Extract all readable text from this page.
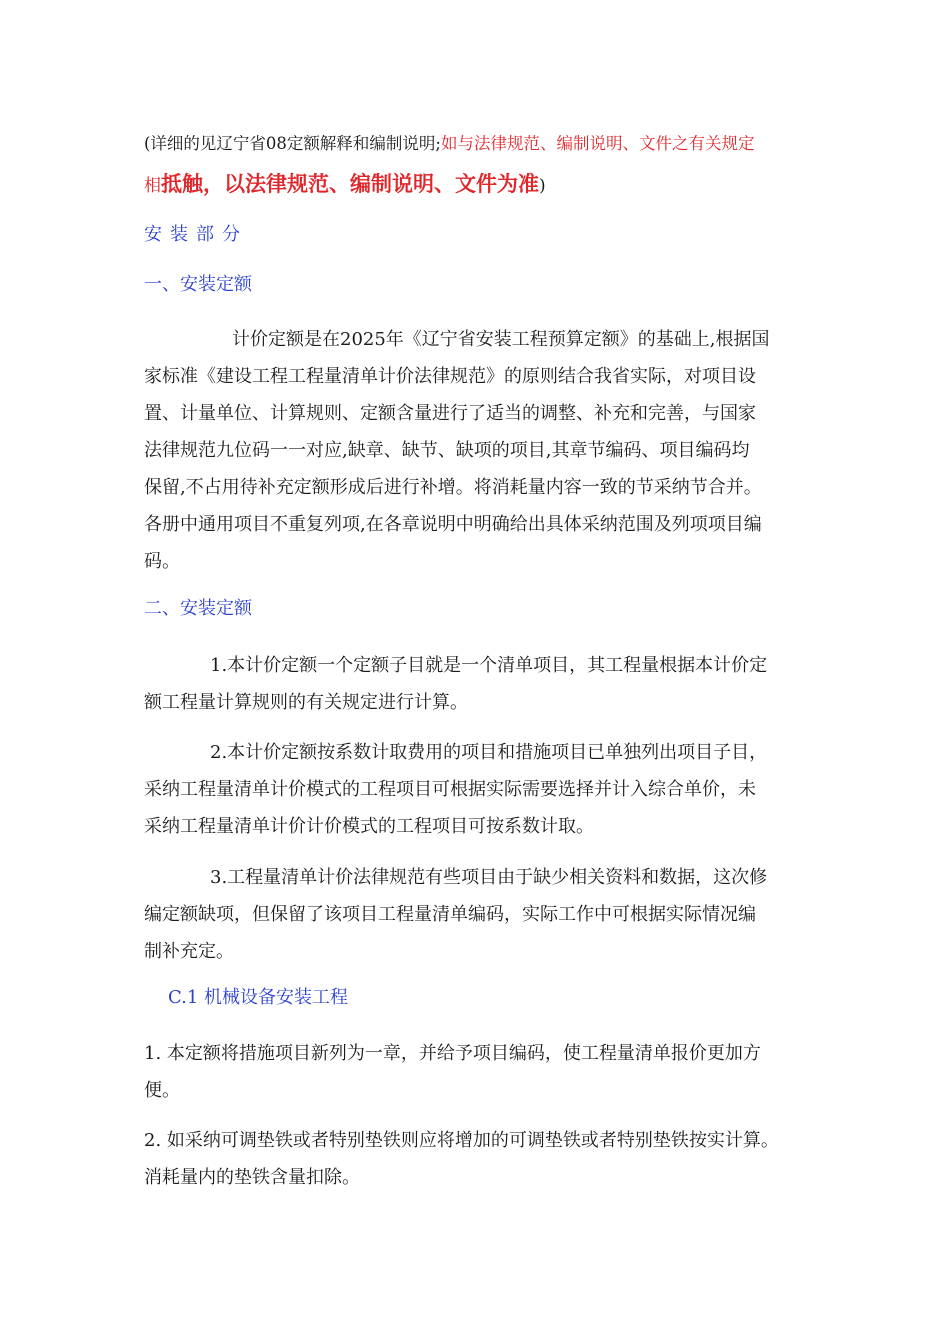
(详细的见辽宁省08定额解释和编制说明;如与法律规范、编制说明、文件之有关规定
相抵触，以法律规范、编制说明、文件为准)
安装部分
一、安装定额
计价定额是在2025年《辽宁省安装工程预算定额》的基础上,根据国
家标准《建设工程工程量清单计价法律规范》的原则结合我省实际，对项目设
置、计量单位、计算规则、定额含量进行了适当的调整、补充和完善，与国家
法律规范九位码一一对应,缺章、缺节、缺项的项目,其章节编码、项目编码均
保留,不占用待补充定额形成后进行补增。将消耗量内容一致的节采纳节合并。
各册中通用项目不重复列项,在各章说明中明确给出具体采纳范围及列项项目编
码。
二、安装定额
1.本计价定额一个定额子目就是一个清单项目，其工程量根据本计价定
额工程量计算规则的有关规定进行计算。
2.本计价定额按系数计取费用的项目和措施项目已单独列出项目子目，
采纳工程量清单计价模式的工程项目可根据实际需要选择并计入综合单价，未
采纳工程量清单计价计价模式的工程项目可按系数计取。
3.工程量清单计价法律规范有些项目由于缺少相关资料和数据，这次修
编定额缺项，但保留了该项目工程量清单编码，实际工作中可根据实际情况编
制补充定。
C.1 机械设备安装工程
1. 本定额将措施项目新列为一章，并给予项目编码，使工程量清单报价更加方
便。
2. 如采纳可调垫铁或者特别垫铁则应将增加的可调垫铁或者特别垫铁按实计算。
消耗量内的垫铁含量扣除。
